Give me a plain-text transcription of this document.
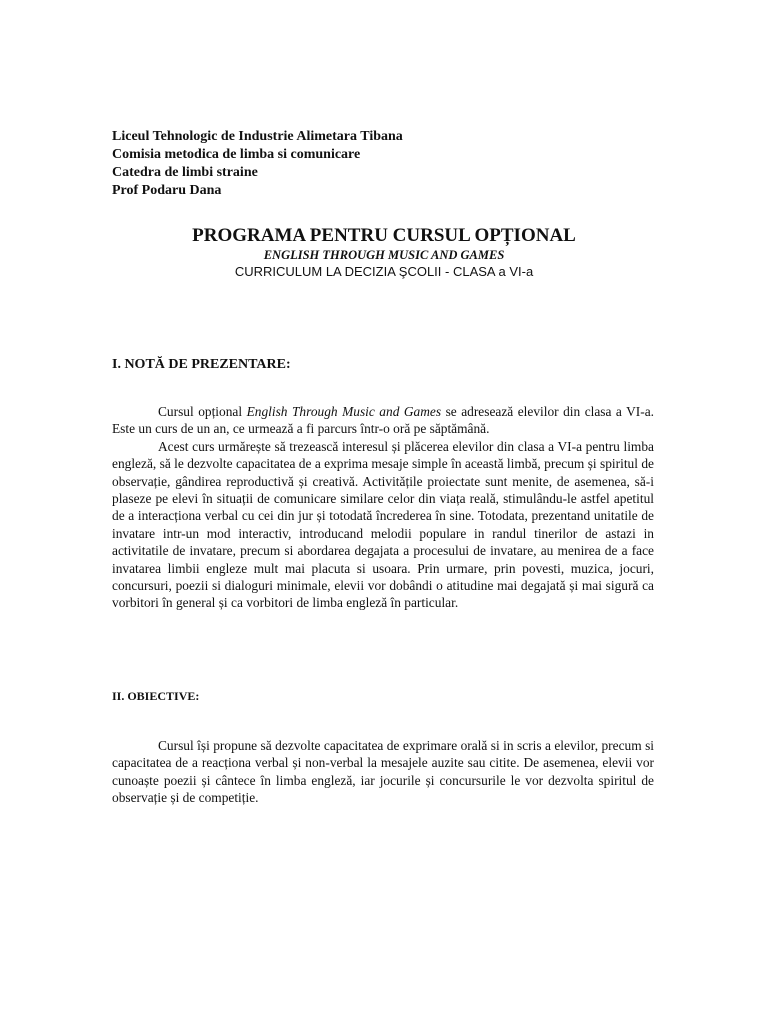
Liceul Tehnologic de Industrie Alimetara Tibana
Comisia metodica de limba si comunicare
Catedra de limbi straine
Prof Podaru Dana
PROGRAMA PENTRU CURSUL OPȚIONAL
ENGLISH THROUGH MUSIC AND GAMES
CURRICULUM LA DECIZIA ŞCOLII - CLASA a VI-a
I. NOTĂ DE PREZENTARE:

Cursul opțional English Through Music and Games se adresează elevilor din clasa a VI-a. Este un curs de un an, ce urmează a fi parcurs într-o oră pe săptămână.

Acest curs urmărește să trezească interesul și plăcerea elevilor din clasa a VI-a pentru limba engleză, să le dezvolte capacitatea de a exprima mesaje simple în această limbă, precum și spiritul de observație, gândirea reproductivă și creativă. Activitățile proiectate sunt menite, de asemenea, să-i plaseze pe elevi în situații de comunicare similare celor din viața reală, stimulându-le astfel apetitul de a interacționa verbal cu cei din jur și totodată încrederea în sine. Totodata, prezentand unitatile de invatare intr-un mod interactiv, introducand melodii populare in randul tinerilor de astazi in activitatile de invatare, precum si abordarea degajata a procesului de invatare, au menirea de a face invatarea limbii engleze mult mai placuta si usoara. Prin urmare, prin povesti, muzica, jocuri, concursuri, poezii si dialoguri minimale, elevii vor dobândi o atitudine mai degajată și mai sigură ca vorbitori în general și ca vorbitori de limba engleză în particular.

II. OBIECTIVE:

Cursul își propune să dezvolte capacitatea de exprimare orală si in scris a elevilor, precum si capacitatea de a reacționa verbal și non-verbal la mesajele auzite sau citite. De asemenea, elevii vor cunoaște poezii și cântece în limba engleză, iar jocurile și concursurile le vor dezvolta spiritul de observație și de competiție.
